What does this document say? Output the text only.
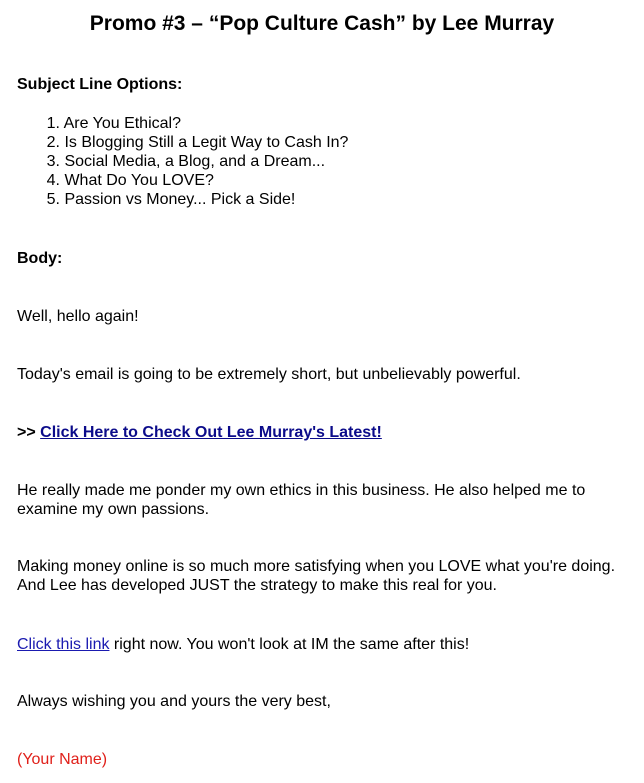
Promo #3 – “Pop Culture Cash” by Lee Murray

Subject Line Options:

1. Are You Ethical?
2. Is Blogging Still a Legit Way to Cash In?
3. Social Media, a Blog, and a Dream...
4. What Do You LOVE?
5. Passion vs Money... Pick a Side!

Body:

Well, hello again!

Today's email is going to be extremely short, but unbelievably powerful.

>> Click Here to Check Out Lee Murray's Latest!

He really made me ponder my own ethics in this business. He also helped me to examine my own passions.

Making money online is so much more satisfying when you LOVE what you're doing. And Lee has developed JUST the strategy to make this real for you.

Click this link right now. You won't look at IM the same after this!

Always wishing you and yours the very best,

(Your Name)
